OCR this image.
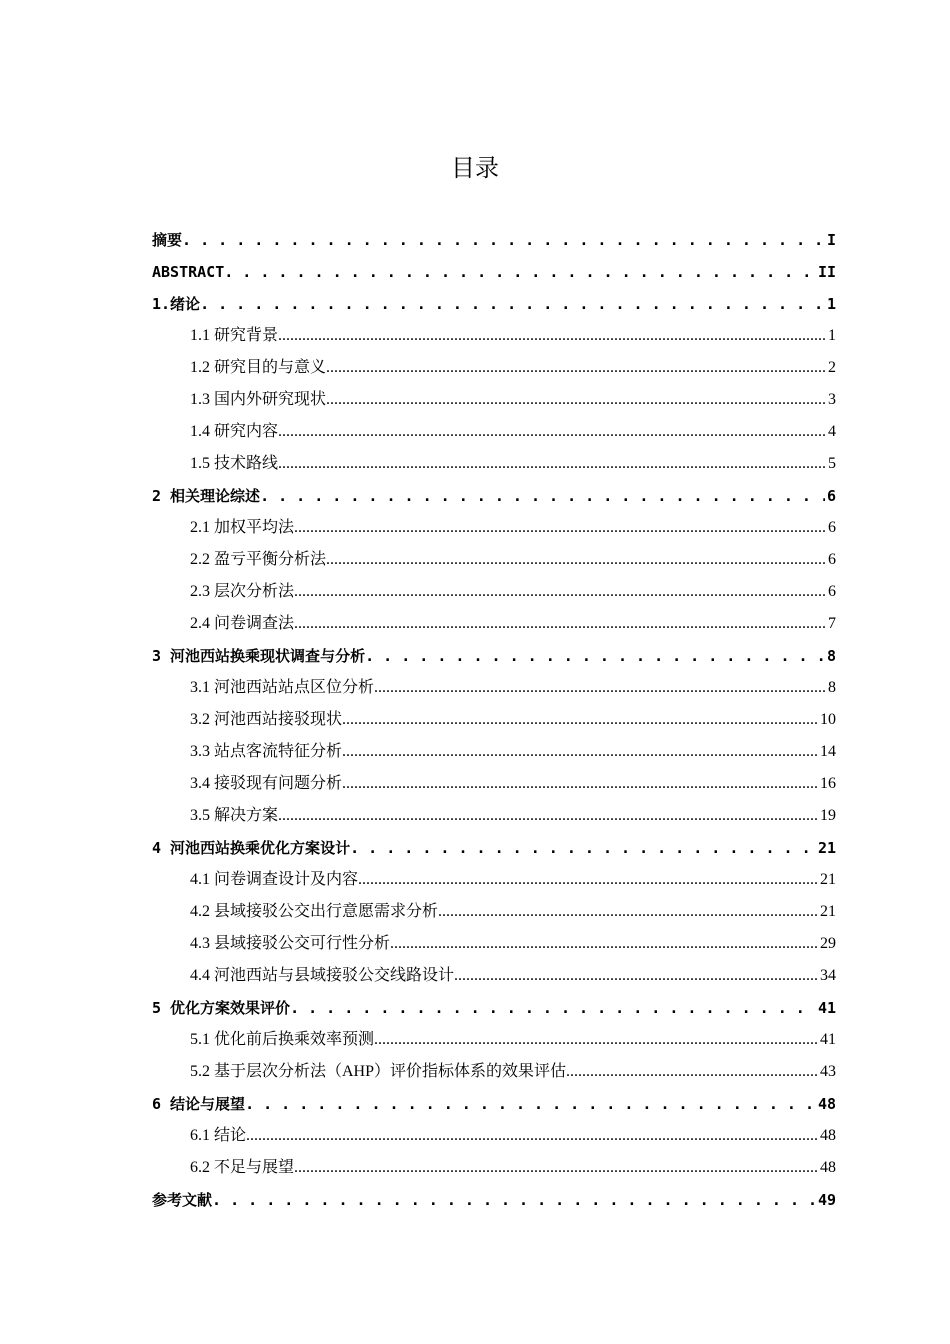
目录
摘要 . . .	I
ABSTRACT . . .	II
1.绪论 . . .	1
1.1 研究背景 .....	1
1.2 研究目的与意义 .....	2
1.3 国内外研究现状 .....	3
1.4 研究内容 .....	4
1.5 技术路线 .....	5
2 相关理论综述 . . .	6
2.1 加权平均法 .....	6
2.2 盈亏平衡分析法 .....	6
2.3 层次分析法 .....	6
2.4 问卷调查法 .....	7
3 河池西站换乘现状调查与分析 . . .	8
3.1 河池西站站点区位分析 .....	8
3.2 河池西站接驳现状 .....	10
3.3 站点客流特征分析 .....	14
3.4 接驳现有问题分析 .....	16
3.5 解决方案 .....	19
4 河池西站换乘优化方案设计 . . .	21
4.1 问卷调查设计及内容 .....	21
4.2 县域接驳公交出行意愿需求分析 .....	21
4.3 县域接驳公交可行性分析 .....	29
4.4 河池西站与县域接驳公交线路设计 .....	34
5 优化方案效果评价 . . .	41
5.1 优化前后换乘效率预测 .....	41
5.2 基于层次分析法（AHP）评价指标体系的效果评估 .....	43
6 结论与展望 . . .	48
6.1 结论 .....	48
6.2 不足与展望 .....	48
参考文献 . . .	49
